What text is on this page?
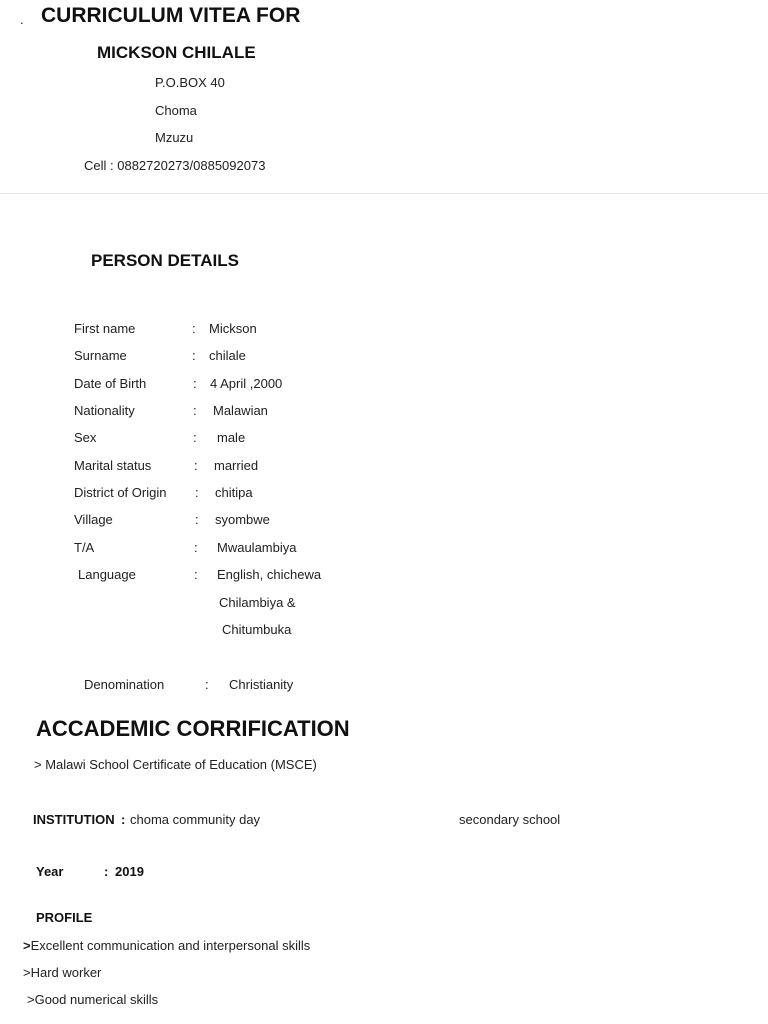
. CURRICULUM VITEA FOR
MICKSON CHILALE
P.O.BOX 40
Choma
Mzuzu
Cell : 0882720273/0885092073
PERSON DETAILS
First name	: Mickson
Surname	: chilale
Date of Birth	: 4 April ,2000
Nationality	: Malawian
Sex	: male
Marital status	: married
District of Origin : chitipa
Village	: syombwe
T/A	: Mwaulambiya
Language	: English, chichewa
Chilambiya &
Chitumbuka
Denomination	: Christianity
ACCADEMIC CORRIFICATION
> Malawi School Certificate of Education (MSCE)
INSTITUTION : choma community day	secondary school
Year	: 2019
PROFILE
>Excellent communication and interpersonal skills
>Hard worker
>Good numerical skills
